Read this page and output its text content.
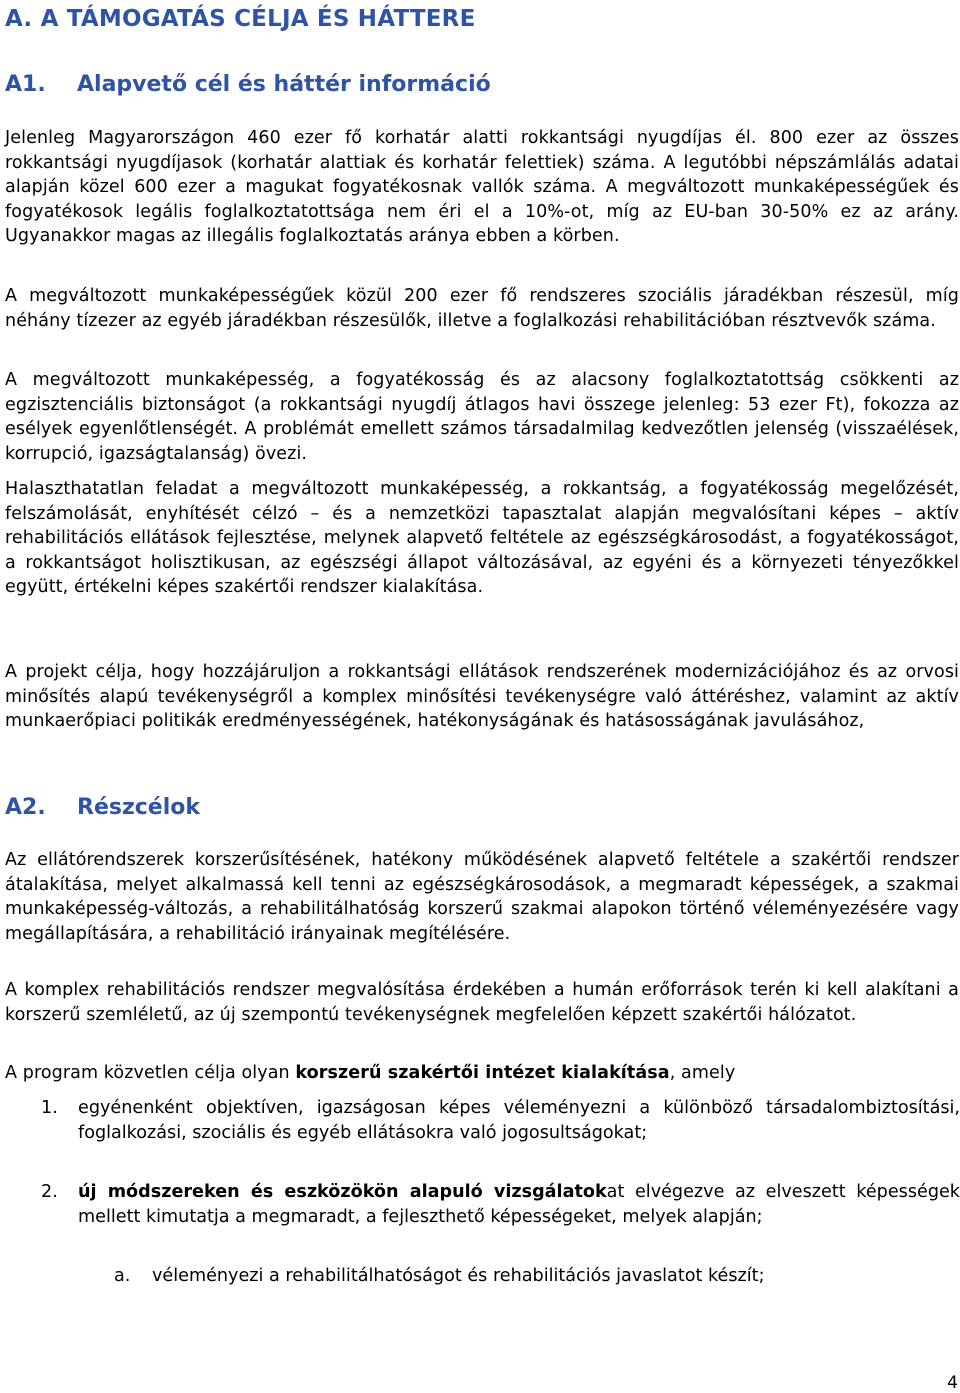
A. A TÁMOGATÁS CÉLJA ÉS HÁTTERE
A1. Alapvető cél és háttér információ

Jelenleg Magyarországon 460 ezer fő korhatár alatti rokkantsági nyugdíjas él. 800 ezer az összes rokkantsági nyugdíjasok (korhatár alattiak és korhatár felettiek) száma. A legutóbbi népszámlálás adatai alapján közel 600 ezer a magukat fogyatékosnak vallók száma. A megváltozott munkaképességűek és fogyatékosok legális foglalkoztatottsága nem éri el a 10%-ot, míg az EU-ban 30-50% ez az arány. Ugyanakkor magas az illegális foglalkoztatás aránya ebben a körben.

A megváltozott munkaképességűek közül 200 ezer fő rendszeres szociális járadékban részesül, míg néhány tízezer az egyéb járadékban részesülők, illetve a foglalkozási rehabilitációban résztvevők száma.

A megváltozott munkaképesség, a fogyatékosság és az alacsony foglalkoztatottság csökkenti az egzisztenciális biztonságot (a rokkantsági nyugdíj átlagos havi összege jelenleg: 53 ezer Ft), fokozza az esélyek egyenlőtlenségét. A problémát emellett számos társadalmilag kedvezőtlen jelenség (visszaélések, korrupció, igazságtalanság) övezi.

Halaszthatatlan feladat a megváltozott munkaképesség, a rokkantság, a fogyatékosság megelőzését, felszámolását, enyhítését célzó – és a nemzetközi tapasztalat alapján megvalósítani képes – aktív rehabilitációs ellátások fejlesztése, melynek alapvető feltétele az egészségkárosodást, a fogyatékosságot, a rokkantságot holisztikusan, az egészségi állapot változásával, az egyéni és a környezeti tényezőkkel együtt, értékelni képes szakértői rendszer kialakítása.

A projekt célja, hogy hozzájáruljon a rokkantsági ellátások rendszerének modernizációjához és az orvosi minősítés alapú tevékenységről a komplex minősítési tevékenységre való áttéréshez, valamint az aktív munkaerőpiaci politikák eredményességének, hatékonyságának és hatásosságának javulásához,

A2. Részcélok

Az ellátórendszerek korszerűsítésének, hatékony működésének alapvető feltétele a szakértői rendszer átalakítása, melyet alkalmassá kell tenni az egészségkárosodások, a megmaradt képességek, a szakmai munkaképesség-változás, a rehabilitálhatóság korszerű szakmai alapokon történő véleményezésére vagy megállapítására, a rehabilitáció irányainak megítélésére.

A komplex rehabilitációs rendszer megvalósítása érdekében a humán erőforrások terén ki kell alakítani a korszerű szemléletű, az új szempontú tevékenységnek megfelelően képzett szakértői hálózatot.

A program közvetlen célja olyan korszerű szakértői intézet kialakítása, amely

1. egyénenként objektíven, igazságosan képes véleményezni a különböző társadalombiztosítási, foglalkozási, szociális és egyéb ellátásokra való jogosultságokat;

2. új módszereken és eszközökön alapuló vizsgálatokat elvégezve az elveszett képességek mellett kimutatja a megmaradt, a fejleszthető képességeket, melyek alapján;

a. véleményezi a rehabilitálhatóságot és rehabilitációs javaslatot készít;

4
